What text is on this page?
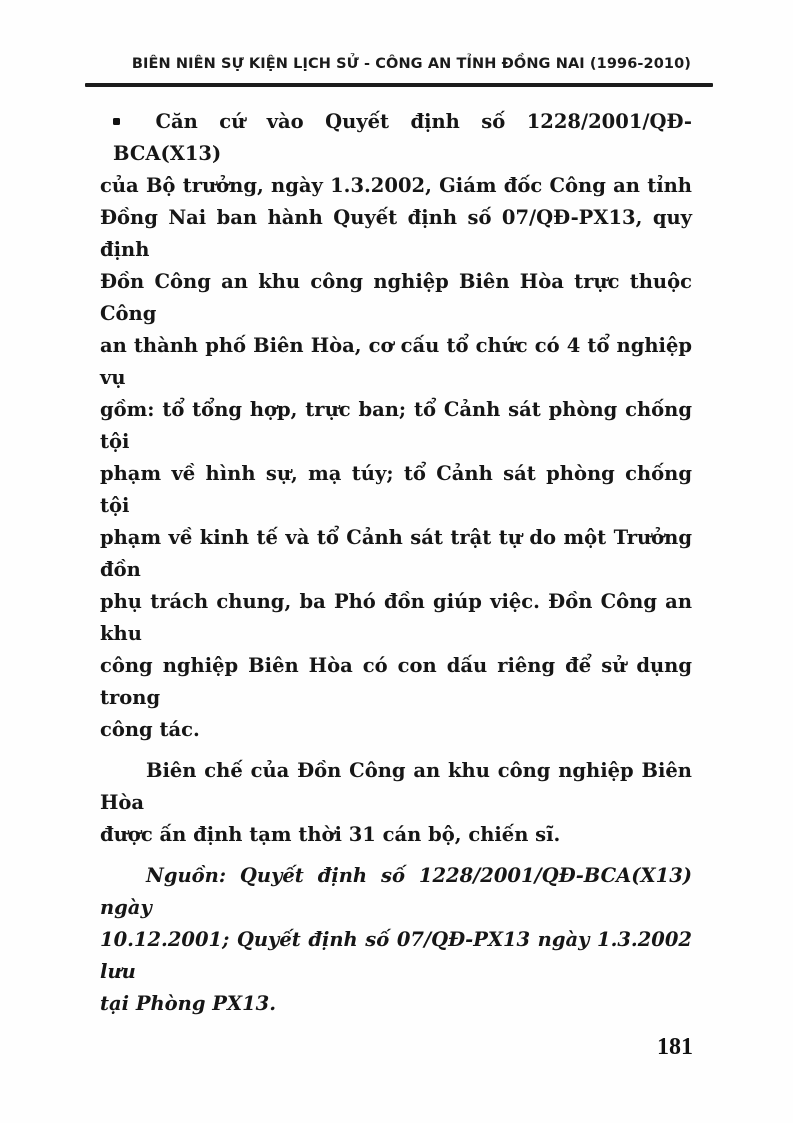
BIÊN NIÊN SỰ KIỆN LỊCH SỬ - CÔNG AN TỈNH ĐỒNG NAI (1996-2010)
Căn cứ vào Quyết định số 1228/2001/QĐ-BCA(X13)
của Bộ trưởng, ngày 1.3.2002, Giám đốc Công an tỉnh
Đồng Nai ban hành Quyết định số 07/QĐ-PX13, quy định
Đồn Công an khu công nghiệp Biên Hòa trực thuộc Công
an thành phố Biên Hòa, cơ cấu tổ chức có 4 tổ nghiệp vụ
gồm: tổ tổng hợp, trực ban; tổ Cảnh sát phòng chống tội
phạm về hình sự, mạ túy; tổ Cảnh sát phòng chống tội
phạm về kinh tế và tổ Cảnh sát trật tự do một Trưởng đồn
phụ trách chung, ba Phó đồn giúp việc. Đồn Công an khu
công nghiệp Biên Hòa có con dấu riêng để sử dụng trong
công tác.
Biên chế của Đồn Công an khu công nghiệp Biên Hòa
được ấn định tạm thời 31 cán bộ, chiến sĩ.
Nguồn: Quyết định số 1228/2001/QĐ-BCA(X13) ngày
10.12.2001; Quyết định số 07/QĐ-PX13 ngày 1.3.2002 lưu
tại Phòng PX13.
181
